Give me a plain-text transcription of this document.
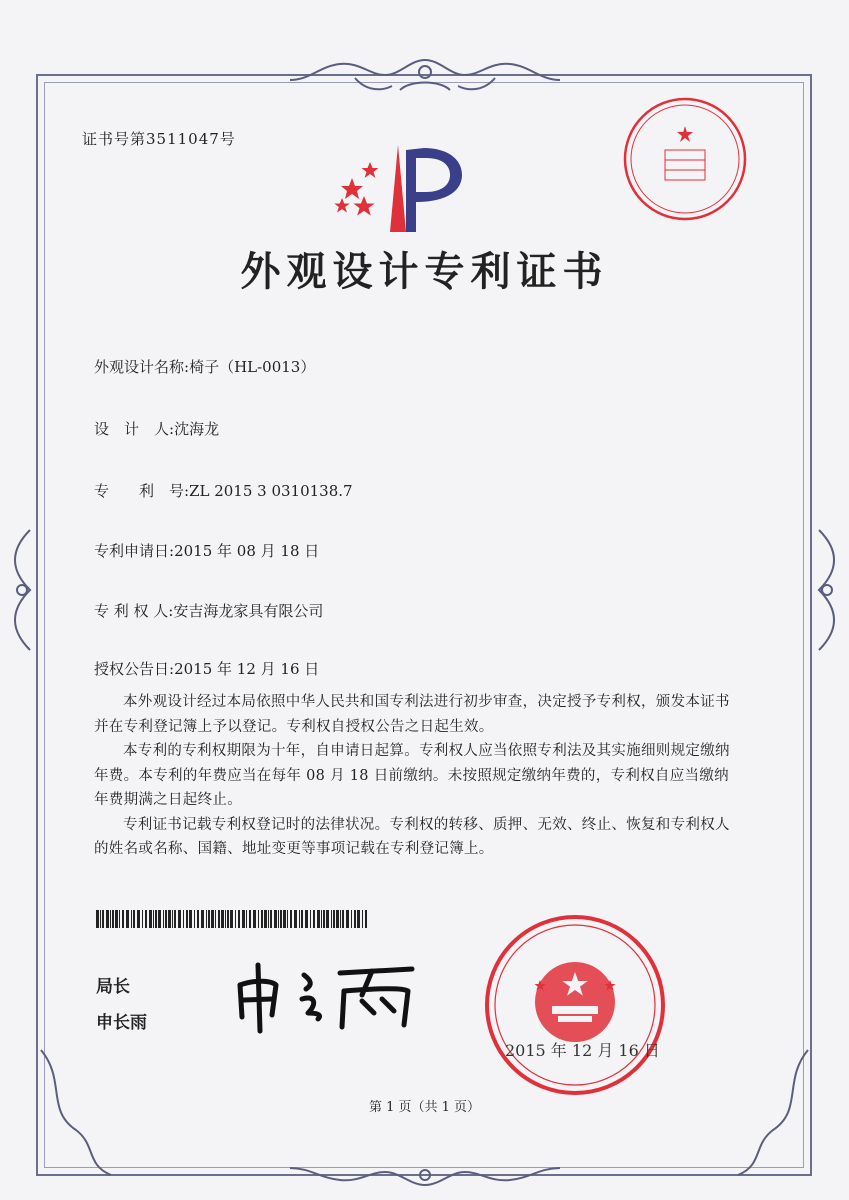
证书号第3511047号
外观设计专利证书
外观设计名称:椅子（HL-0013）
设　计　人:沈海龙
专　　利　号:ZL 2015 3 0310138.7
专利申请日:2015 年 08 月 18 日
专 利 权 人:安吉海龙家具有限公司
授权公告日:2015 年 12 月 16 日

本外观设计经过本局依照中华人民共和国专利法进行初步审查，决定授予专利权，颁发本证书并在专利登记簿上予以登记。专利权自授权公告之日起生效。

本专利的专利权期限为十年，自申请日起算。专利权人应当依照专利法及其实施细则规定缴纳年费。本专利的年费应当在每年 08 月 18 日前缴纳。未按照规定缴纳年费的，专利权自应当缴纳年费期满之日起终止。

专利证书记载专利权登记时的法律状况。专利权的转移、质押、无效、终止、恢复和专利权人的姓名或名称、国籍、地址变更等事项记载在专利登记簿上。

局长
申长雨
2015 年 12 月 16 日
第 1 页（共 1 页）
